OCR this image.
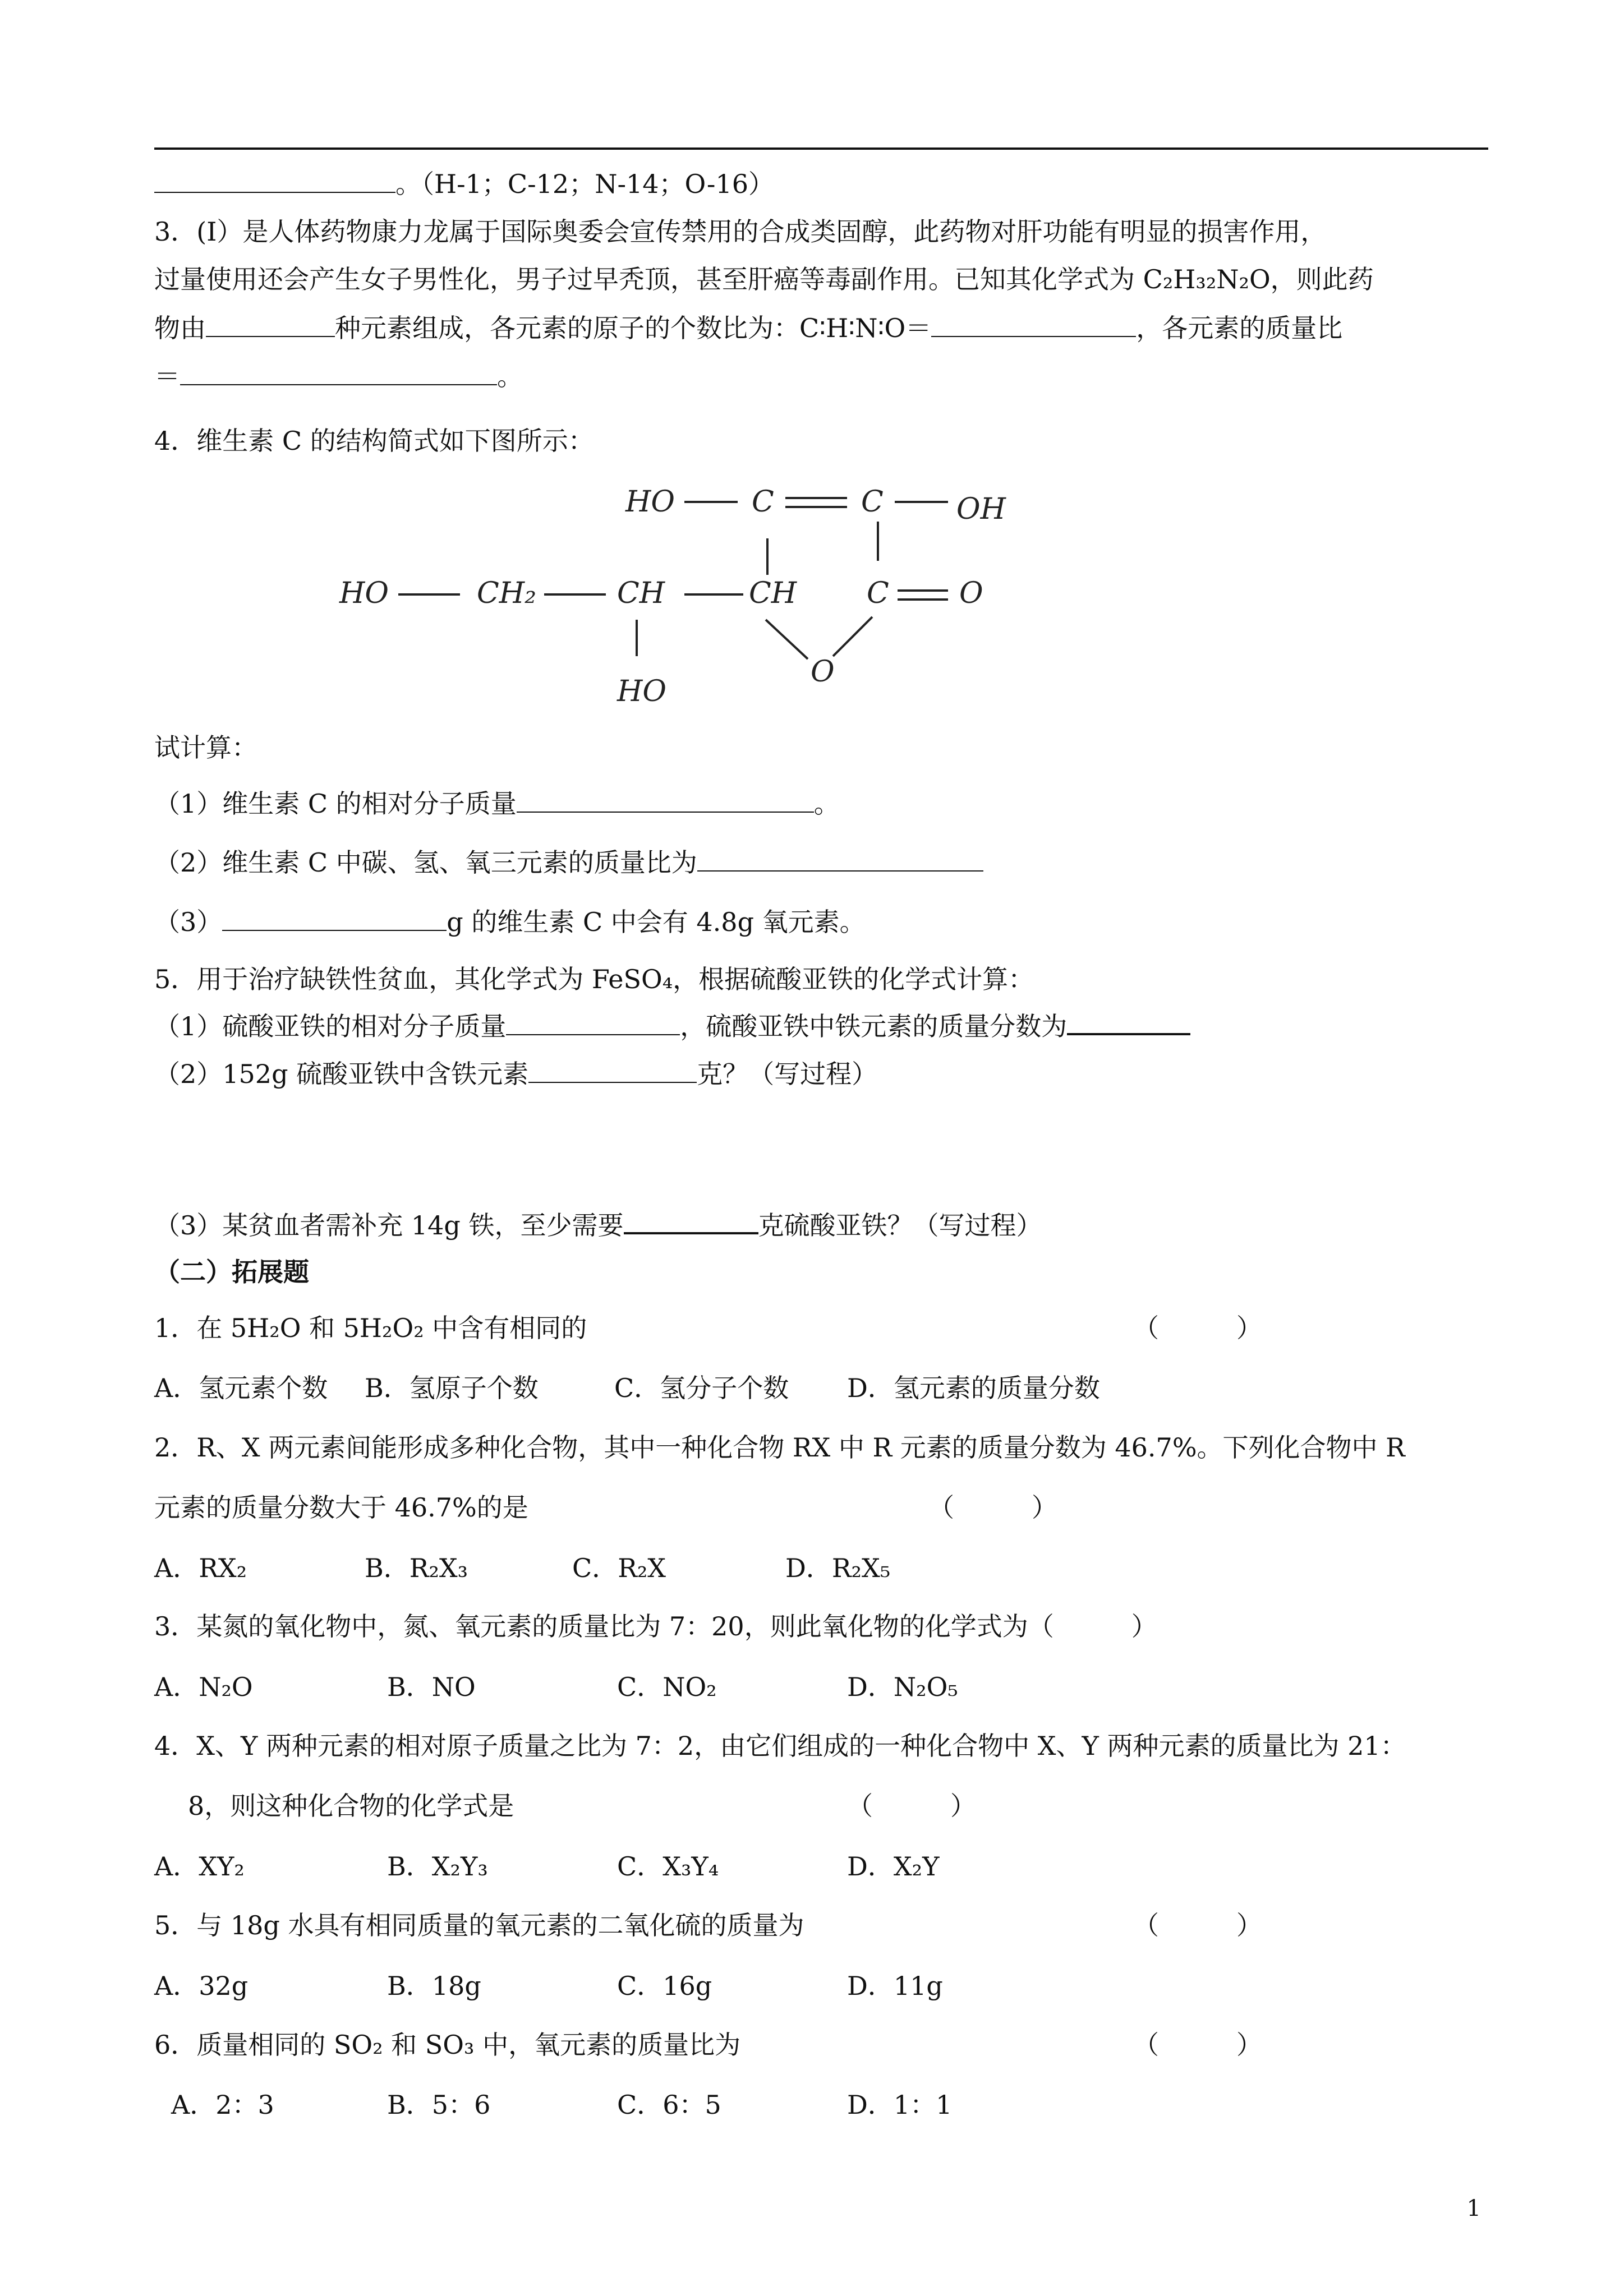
。（H-1；C-12；N-14；O-16）
3．(I）是人体药物康力龙属于国际奥委会宣传禁用的合成类固醇，此药物对肝功能有明显的损害作用，
过量使用还会产生女子男性化，男子过早秃顶，甚至肝癌等毒副作用。已知其化学式为 C₂H₃₂N₂O，则此药
物由	种元素组成，各元素的原子的个数比为：C∶H∶N∶O＝	，各元素的质量比
＝	。
4．维生素 C 的结构简式如下图所示：
HO	C	C	OH
HO	CH₂	CH	CH C O
O
HO
试计算：
（1）维生素 C 的相对分子质量	。
（2）维生素 C 中碳、氢、氧三元素的质量比为
（3）	g 的维生素 C 中会有 4.8g 氧元素。
5．用于治疗缺铁性贫血，其化学式为 FeSO₄，根据硫酸亚铁的化学式计算：
（1）硫酸亚铁的相对分子质量	，硫酸亚铁中铁元素的质量分数为
（2）152g 硫酸亚铁中含铁元素	克？（写过程）
（3）某贫血者需补充 14g 铁，至少需要	克硫酸亚铁？（写过程）
（二）拓展题
1．在 5H₂O 和 5H₂O₂ 中含有相同的	（　　　）
A．氢元素个数 B．氢原子个数	C．氢分子个数 D．氢元素的质量分数
2．R、X 两元素间能形成多种化合物，其中一种化合物 RX 中 R 元素的质量分数为 46.7%。下列化合物中 R
元素的质量分数大于 46.7%的是	（　　　）
A．RX₂	B．R₂X₃	C．R₂X	D．R₂X₅
3．某氮的氧化物中，氮、氧元素的质量比为 7：20，则此氧化物的化学式为（　　　）
A．N₂O	B．NO	C．NO₂	D．N₂O₅
4．X、Y 两种元素的相对原子质量之比为 7：2，由它们组成的一种化合物中 X、Y 两种元素的质量比为 21：
8，则这种化合物的化学式是	（　　　）
A．XY₂	B．X₂Y₃	C．X₃Y₄	D．X₂Y
5．与 18g 水具有相同质量的氧元素的二氧化硫的质量为	（　　　）
A．32g	B．18g	C．16g	D．11g
6．质量相同的 SO₂ 和 SO₃ 中，氧元素的质量比为	（　　　）
A．2：3	B．5：6	C．6：5	D．1：1
1
